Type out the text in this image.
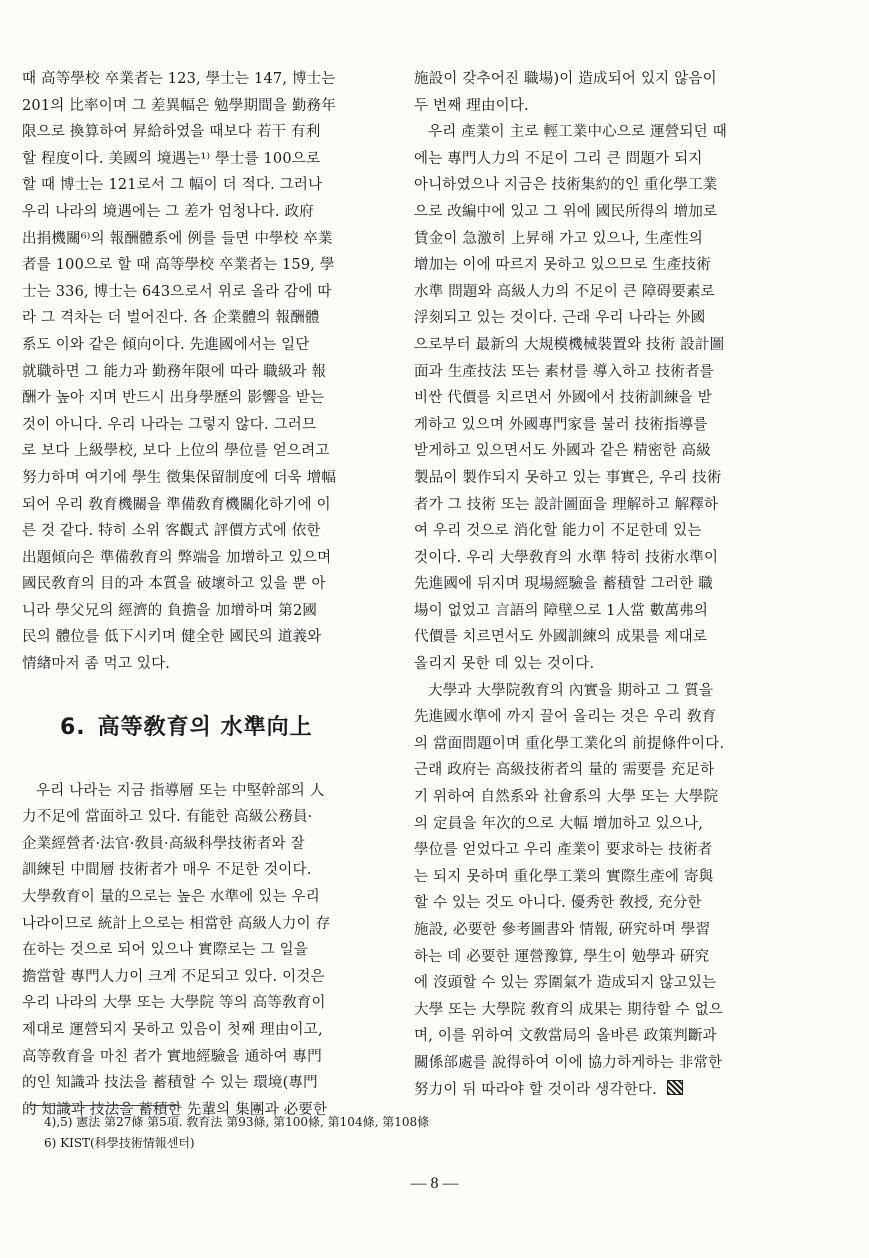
때 高等學校 卒業者는 123, 學士는 147, 博士는
201의 比率이며 그 差異幅은 勉學期間을 勤務年
限으로 換算하여 昇給하였을 때보다 若干 有利
할 程度이다. 美國의 境遇는¹⁾ 學士를 100으로
할 때 博士는 121로서 그 幅이 더 적다. 그러나
우리 나라의 境遇에는 그 差가 엄청나다. 政府
出捐機關⁶⁾의 報酬體系에 例를 들면 中學校 卒業
者를 100으로 할 때 高等學校 卒業者는 159, 學
士는 336, 博士는 643으로서 위로 올라 감에 따
라 그 격차는 더 벌어진다. 各 企業體의 報酬體
系도 이와 같은 傾向이다. 先進國에서는 일단
就職하면 그 能力과 勤務年限에 따라 職級과 報
酬가 높아 지며 반드시 出身學歷의 影響을 받는
것이 아니다. 우리 나라는 그렇지 않다. 그러므
로 보다 上級學校, 보다 上位의 學位를 얻으려고
努力하며 여기에 學生 徵集保留制度에 더욱 增幅
되어 우리 敎育機關을 準備敎育機關化하기에 이
른 것 같다. 特히 소위 客觀式 評價方式에 依한
出題傾向은 準備敎育의 弊端을 加增하고 있으며
國民敎育의 目的과 本質을 破壞하고 있을 뿐 아
니라 學父兄의 經濟的 負擔을 加增하며 第2國
民의 體位를 低下시키며 健全한 國民의 道義와
情緖마저 좀 먹고 있다.

6. 高等敎育의 水準向上

우리 나라는 지금 指導層 또는 中堅幹部의 人
力不足에 當面하고 있다. 有能한 高級公務員·
企業經營者·法官·敎員·高級科學技術者와 잘
訓練된 中間層 技術者가 매우 不足한 것이다.
大學敎育이 量的으로는 높은 水準에 있는 우리
나라이므로 統計上으로는 相當한 高級人力이 存
在하는 것으로 되어 있으나 實際로는 그 일을
擔當할 專門人力이 크게 不足되고 있다. 이것은
우리 나라의 大學 또는 大學院 等의 高等敎育이
제대로 運營되지 못하고 있음이 첫째 理由이고,
高等敎育을 마친 者가 實地經驗을 通하여 專門
的인 知識과 技法을 蓄積할 수 있는 環境(專門
的 知識과 技法을 蓄積한 先輩의 集團과 必要한

施設이 갖추어진 職場)이 造成되어 있지 않음이
두 번째 理由이다.

우리 產業이 主로 輕工業中心으로 運營되던 때
에는 專門人力의 不足이 그리 큰 問題가 되지
아니하였으나 지금은 技術集約的인 重化學工業
으로 改編中에 있고 그 위에 國民所得의 增加로
賃金이 急激히 上昇해 가고 있으나, 生產性의
增加는 이에 따르지 못하고 있으므로 生產技術
水準 問題와 高級人力의 不足이 큰 障碍要素로
浮刻되고 있는 것이다. 근래 우리 나라는 外國
으로부터 最新의 大規模機械裝置와 技術 設計圖
面과 生產技法 또는 素材를 導入하고 技術者를
비싼 代價를 치르면서 外國에서 技術訓練을 받
게하고 있으며 外國專門家를 불러 技術指導를
받게하고 있으면서도 外國과 같은 精密한 高級
製品이 製作되지 못하고 있는 事實은, 우리 技術
者가 그 技術 또는 設計圖面을 理解하고 解釋하
여 우리 것으로 消化할 能力이 不足한데 있는
것이다. 우리 大學敎育의 水準 特히 技術水準이
先進國에 뒤지며 現場經驗을 蓄積할 그러한 職
場이 없었고 言語의 障壁으로 1人當 數萬弗의
代價를 치르면서도 外國訓練의 成果를 제대로
올리지 못한 데 있는 것이다.

大學과 大學院敎育의 內實을 期하고 그 質을
先進國水準에 까지 끌어 올리는 것은 우리 敎育
의 當面問題이며 重化學工業化의 前提條件이다.
근래 政府는 高級技術者의 量的 需要를 充足하
기 위하여 自然系와 社會系의 大學 또는 大學院
의 定員을 年次的으로 大幅 增加하고 있으나,
學位를 얻었다고 우리 產業이 要求하는 技術者
는 되지 못하며 重化學工業의 實際生產에 寄與
할 수 있는 것도 아니다. 優秀한 敎授, 充分한
施設, 必要한 參考圖書와 情報, 硏究하며 學習
하는 데 必要한 運營豫算, 學生이 勉學과 硏究
에 沒頭할 수 있는 雰圍氣가 造成되지 않고있는
大學 또는 大學院 敎育의 成果는 期待할 수 없으
며, 이를 위하여 文敎當局의 올바른 政策判斷과
關係部處를 說得하여 이에 協力하게하는 非常한
努力이 뒤 따라야 할 것이라 생각한다.

4),5) 憲法 第27條 第5項. 敎育法 第93條, 第100條, 第104條, 第108條
6) KIST(科學技術情報센터)
— 8 —
